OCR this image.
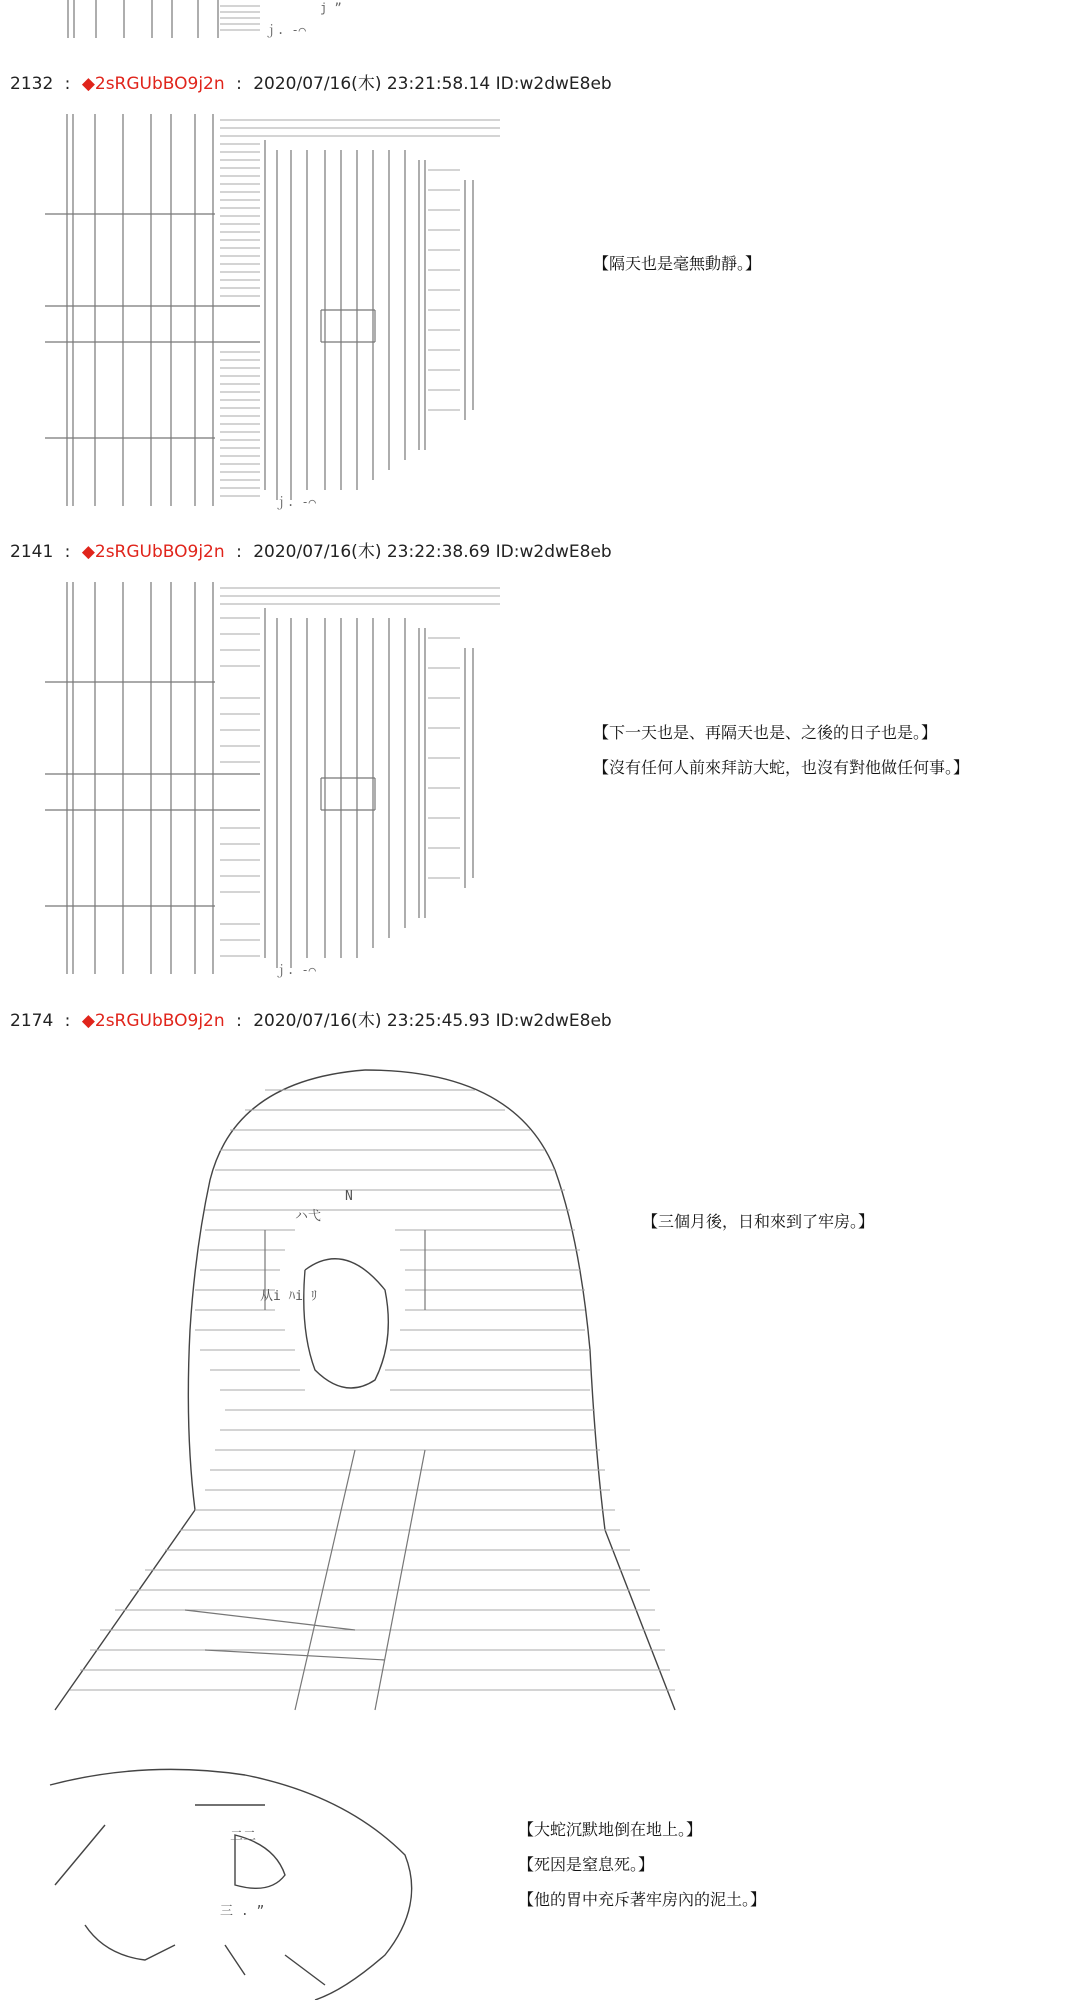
ｊ. -⌒
j ”
2132 : ◆2sRGUbBO9j2n : 2020/07/16(木) 23:21:58.14 ID:w2dwE8eb
ｊ. -⌒
【隔天也是毫無動靜。】
2141 : ◆2sRGUbBO9j2n : 2020/07/16(木) 23:22:38.69 ID:w2dwE8eb
ｊ. -⌒
【下一天也是、再隔天也是、之後的日子也是。】
【沒有任何人前來拜訪大蛇，也沒有對他做任何事。】
2174 : ◆2sRGUbBO9j2n : 2020/07/16(木) 23:25:45.93 ID:w2dwE8eb
N
ハ弋
从i ﾊi ﾘ
【三個月後，日和來到了牢房。】
二二
三 . ”
【大蛇沉默地倒在地上。】
【死因是窒息死。】
【他的胃中充斥著牢房內的泥土。】
